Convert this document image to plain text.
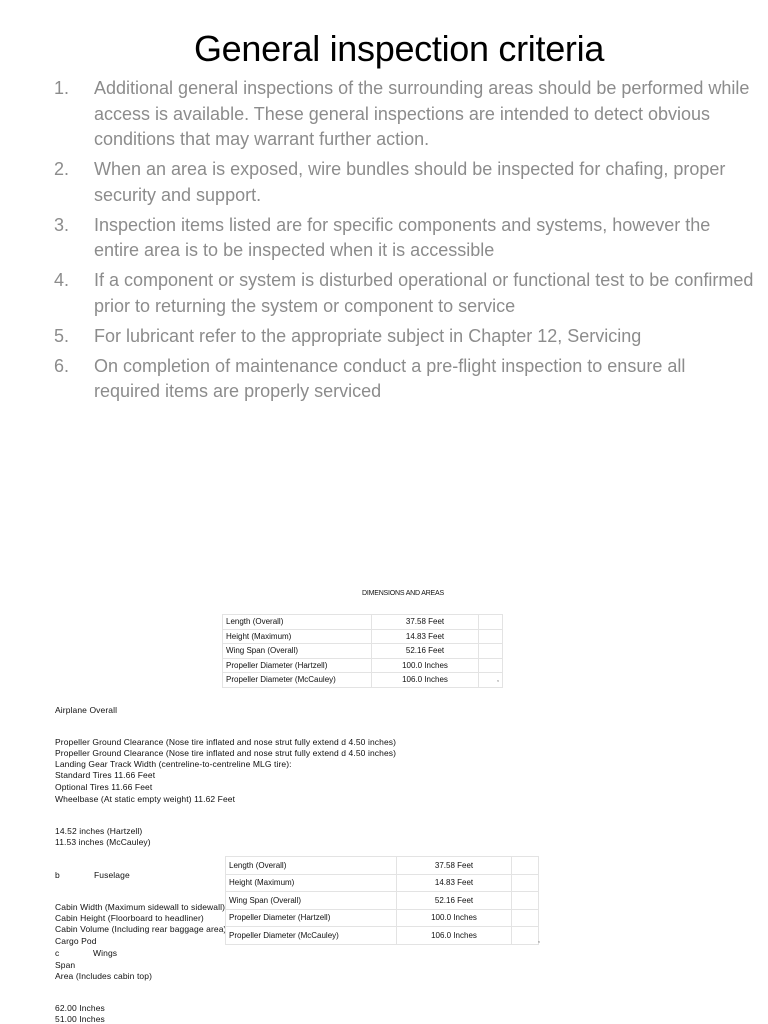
General inspection criteria
1. Additional general inspections of the surrounding areas should be performed while access is available. These general inspections are intended to detect obvious conditions that may warrant further action.
2. When an area is exposed, wire bundles should be inspected for chafing, proper security and support.
3. Inspection items listed are for specific components and systems, however the entire area is to be inspected when it is accessible
4. If a component or system is disturbed operational or functional test to be confirmed prior to returning the system or component to service
5. For lubricant refer to the appropriate subject in Chapter 12, Servicing
6. On completion of maintenance conduct a pre-flight inspection to ensure all required items are properly serviced
DIMENSIONS AND AREAS
Length (Overall)	37.58 Feet	
Height (Maximum)	14.83 Feet	
Wing Span (Overall)	52.16 Feet	
Propeller Diameter (Hartzell)	100.0 Inches	
Propeller Diameter (McCauley)	106.0 Inches		,
Airplane Overall
Propeller Ground Clearance (Nose tire inflated and nose strut fully extend d 4.50 inches)
Propeller Ground Clearance (Nose tire inflated and nose strut fully extend d 4.50 inches)
Landing Gear Track Width (centreline-to-centreline MLG tire):
Standard Tires 11.66 Feet
Optional Tires 11.66 Feet
Wheelbase (At static empty weight) 11.62 Feet
14.52 inches (Hartzell)
11.53 inches (McCauley)
b	Fuselage
Cabin Width (Maximum sidewall to sidewall)
Cabin Height (Floorboard to headliner)
Cabin Volume (Including rear baggage area)
Cargo Pod
c	Wings
Span
Area (Includes cabin top)
62.00 Inches
51.00 Inches
Length (Overall)	37.58 Feet	
Height (Maximum)	14.83 Feet	
Wing Span (Overall)	52.16 Feet	
Propeller Diameter (Hartzell)	100.0 Inches	
Propeller Diameter (McCauley)	106.0 Inches	
,
